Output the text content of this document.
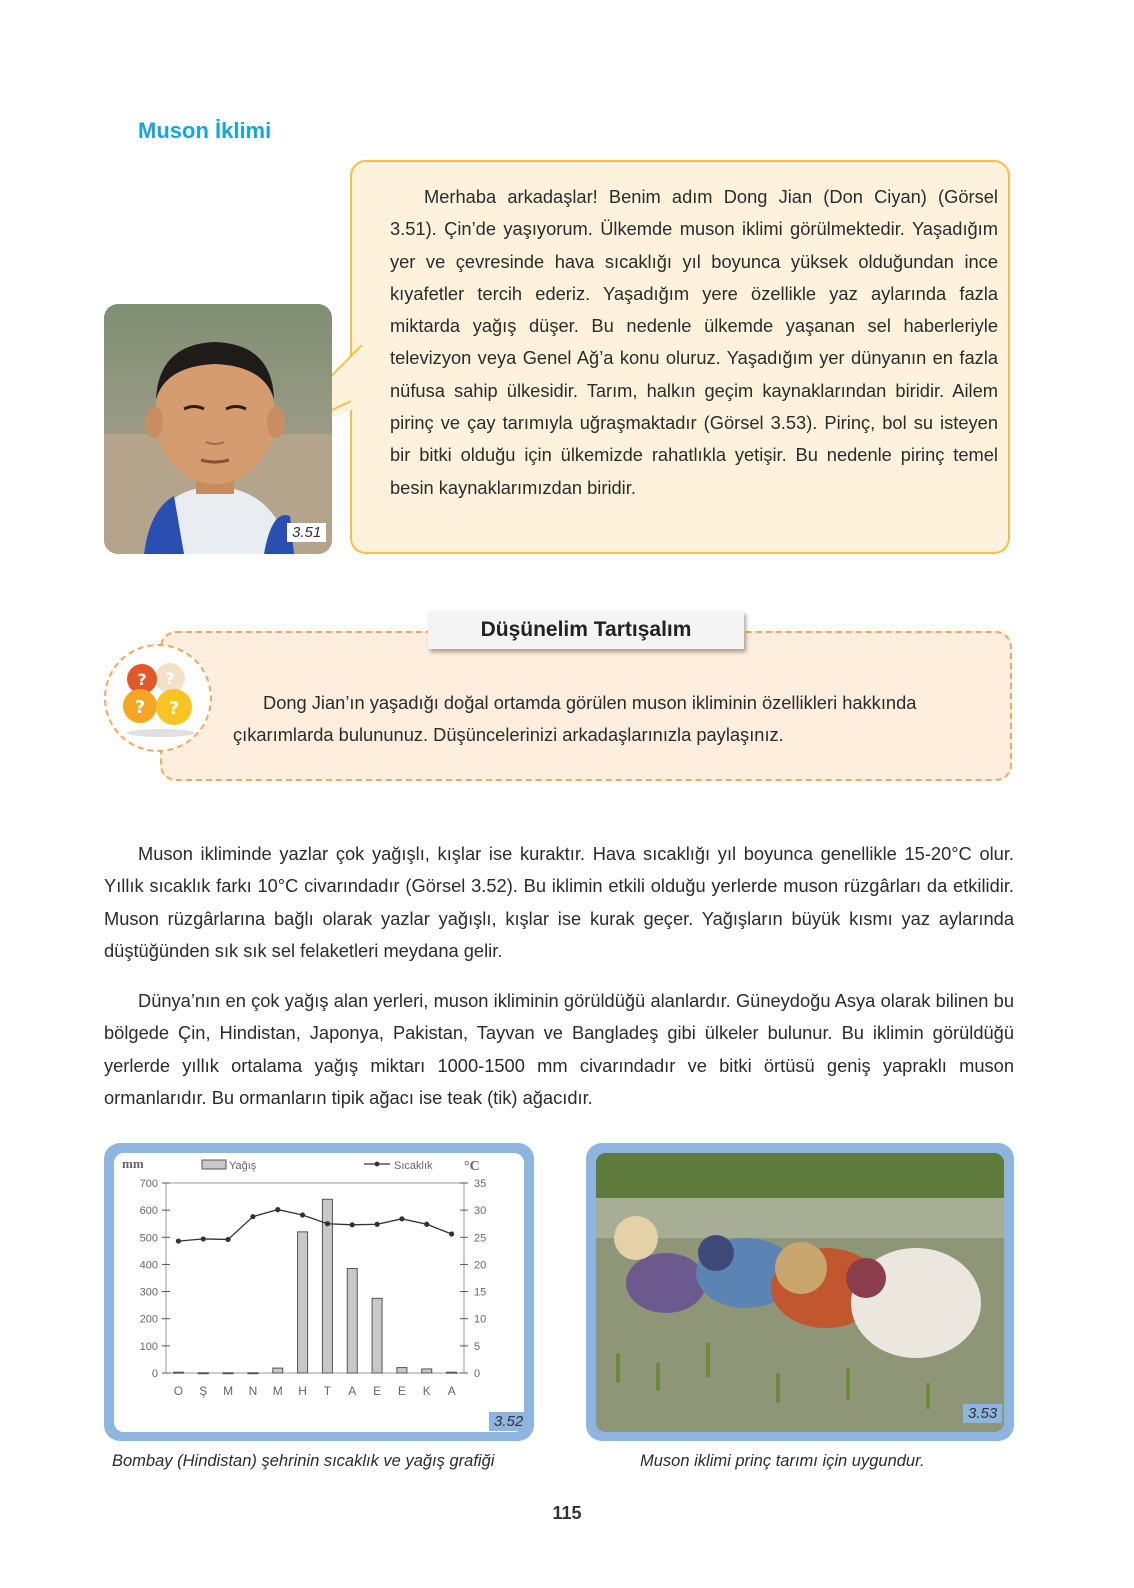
Muson İklimi
Merhaba arkadaşlar! Benim adım Dong Jian (Don Ciyan) (Görsel 3.51). Çin’de yaşıyorum. Ülkemde muson iklimi görülmektedir. Yaşadığım yer ve çevresinde hava sıcaklığı yıl boyunca yüksek olduğundan ince kıyafetler tercih ederiz. Yaşadığım yere özellikle yaz aylarında fazla miktarda yağış düşer. Bu nedenle ülkemde yaşanan sel haberleriyle televizyon veya Genel Ağ’a konu oluruz. Yaşadığım yer dünyanın en fazla nüfusa sahip ülkesidir. Tarım, halkın geçim kaynaklarından biridir. Ailem pirinç ve çay tarımıyla uğraşmaktadır (Görsel 3.53). Pirinç, bol su isteyen bir bitki olduğu için ülkemizde rahatlıkla yetişir. Bu nedenle pirinç temel besin kaynaklarımızdan biridir.
3.51
? ?
? ?
Düşünelim Tartışalım
Dong Jian’ın yaşadığı doğal ortamda görülen muson ikliminin özellikleri hakkında çıkarımlarda bulununuz. Düşüncelerinizi arkadaşlarınızla paylaşınız.
Muson ikliminde yazlar çok yağışlı, kışlar ise kuraktır. Hava sıcaklığı yıl boyunca genellikle 15-20°C olur. Yıllık sıcaklık farkı 10°C civarındadır (Görsel 3.52). Bu iklimin etkili olduğu yerlerde muson rüzgârları da etkilidir. Muson rüzgârlarına bağlı olarak yazlar yağışlı, kışlar ise kurak geçer. Yağışların büyük kısmı yaz aylarında düştüğünden sık sık sel felaketleri meydana gelir.
Dünya’nın en çok yağış alan yerleri, muson ikliminin görüldüğü alanlardır. Güneydoğu Asya olarak bilinen bu bölgede Çin, Hindistan, Japonya, Pakistan, Tayvan ve Bangladeş gibi ülkeler bulunur. Bu iklimin görüldüğü yerlerde yıllık ortalama yağış miktarı 1000-1500 mm civarındadır ve bitki örtüsü geniş yapraklı muson ormanlarıdır. Bu ormanların tipik ağacı ise teak (tik) ağacıdır.
0
100
200
300
400
500
600
700
0
5
10
15
20
25
30
35
mm	°C
Yağış	Sıcaklık
O Ş M N M H T A E E K A
3.52	3.53
Bombay (Hindistan) şehrinin sıcaklık ve yağış grafiği	Muson iklimi prinç tarımı için uygundur.
115
